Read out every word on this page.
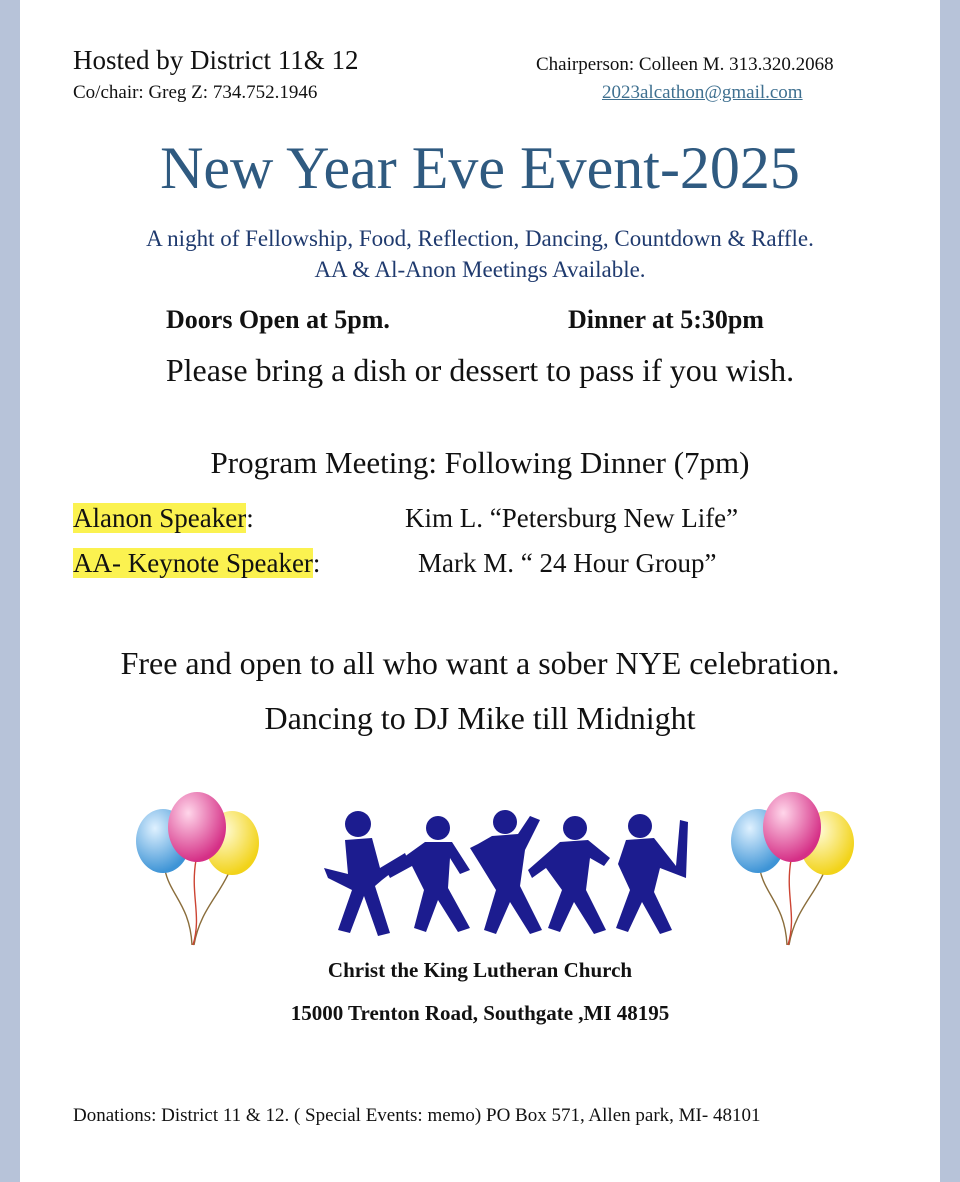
Hosted by District 11& 12
Co/chair: Greg Z: 734.752.1946
Chairperson: Colleen M. 313.320.2068
2023alcathon@gmail.com
New Year Eve Event-2025
A night of Fellowship, Food, Reflection, Dancing, Countdown & Raffle.
AA & Al-Anon Meetings Available.
Doors Open at 5pm.	Dinner at 5:30pm
Please bring a dish or dessert to pass if you wish.
Program Meeting: Following Dinner (7pm)
Alanon Speaker:	Kim L. “Petersburg New Life”
AA- Keynote Speaker:	Mark M. “ 24 Hour Group”
Free and open to all who want a sober NYE celebration.
Dancing to DJ Mike till Midnight
Christ the King Lutheran Church
15000 Trenton Road, Southgate ,MI 48195
Donations: District 11 & 12. ( Special Events: memo) PO Box 571, Allen park, MI- 48101
